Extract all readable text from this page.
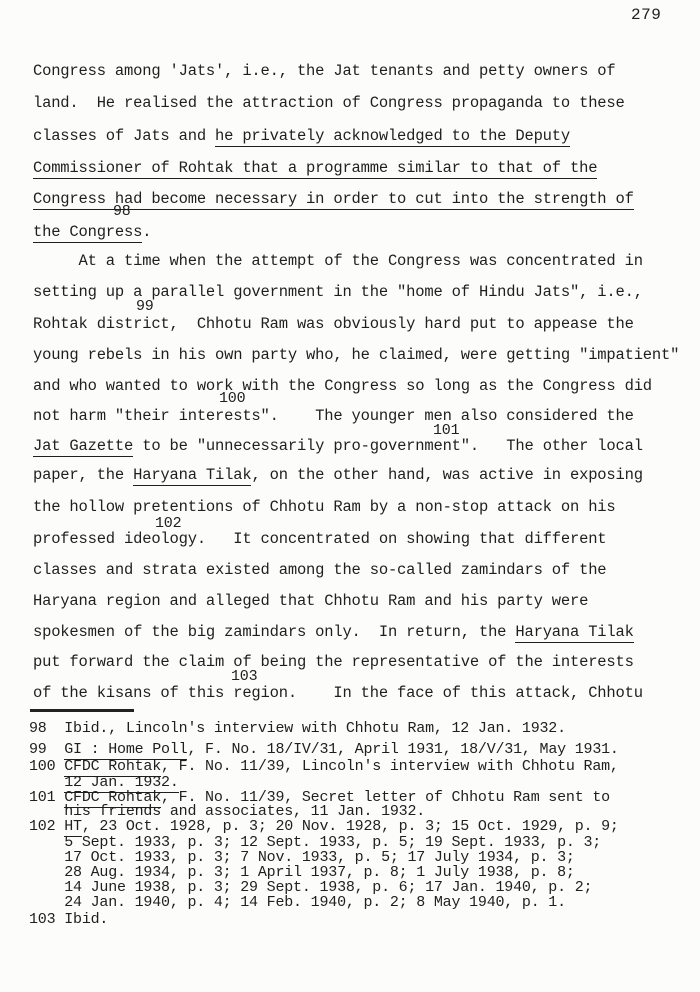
279
Congress among 'Jats', i.e., the Jat tenants and petty owners of
land.  He realised the attraction of Congress propaganda to these
classes of Jats and he privately acknowledged to the Deputy
Commissioner of Rohtak that a programme similar to that of the
Congress had become necessary in order to cut into the strength of
the Congress.
At a time when the attempt of the Congress was concentrated in
setting up a parallel government in the "home of Hindu Jats", i.e.,
Rohtak district,  Chhotu Ram was obviously hard put to appease the
young rebels in his own party who, he claimed, were getting "impatient"
and who wanted to work with the Congress so long as the Congress did
not harm "their interests".    The younger men also considered the
Jat Gazette to be "unnecessarily pro-government".   The other local
paper, the Haryana Tilak, on the other hand, was active in exposing
the hollow pretentions of Chhotu Ram by a non-stop attack on his
professed ideology.   It concentrated on showing that different
classes and strata existed among the so-called zamindars of the
Haryana region and alleged that Chhotu Ram and his party were
spokesmen of the big zamindars only.  In return, the Haryana Tilak
put forward the claim of being the representative of the interests
of the kisans of this region.    In the face of this attack, Chhotu
98  Ibid., Lincoln's interview with Chhotu Ram, 12 Jan. 1932.
99  GI : Home Poll, F. No. 18/IV/31, April 1931, 18/V/31, May 1931.
100 CFDC Rohtak, F. No. 11/39, Lincoln's interview with Chhotu Ram,
12 Jan. 1932.
101 CFDC Rohtak, F. No. 11/39, Secret letter of Chhotu Ram sent to
his friends and associates, 11 Jan. 1932.
102 HT, 23 Oct. 1928, p. 3; 20 Nov. 1928, p. 3; 15 Oct. 1929, p. 9;
5 Sept. 1933, p. 3; 12 Sept. 1933, p. 5; 19 Sept. 1933, p. 3;
17 Oct. 1933, p. 3; 7 Nov. 1933, p. 5; 17 July 1934, p. 3;
28 Aug. 1934, p. 3; 1 April 1937, p. 8; 1 July 1938, p. 8;
14 June 1938, p. 3; 29 Sept. 1938, p. 6; 17 Jan. 1940, p. 2;
24 Jan. 1940, p. 4; 14 Feb. 1940, p. 2; 8 May 1940, p. 1.
103 Ibid.
98
99
100
101
102
103
